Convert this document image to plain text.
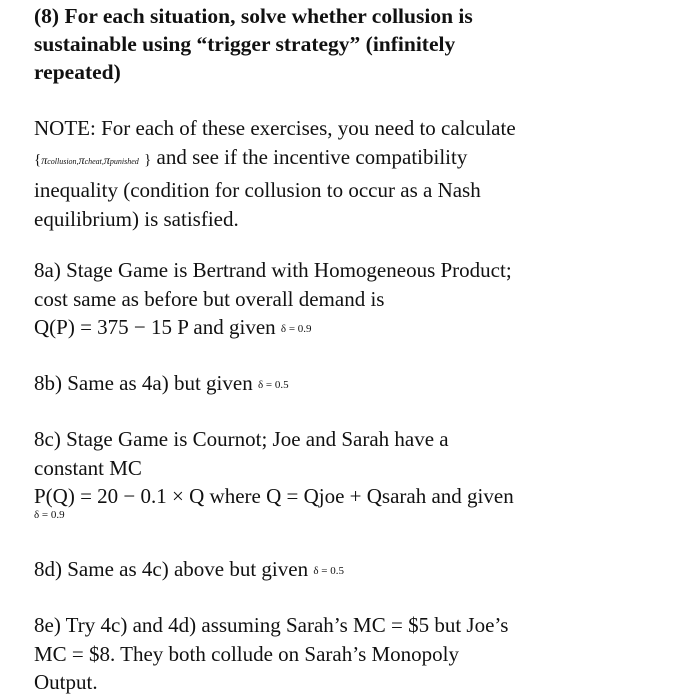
(8) For each situation, solve whether collusion is
sustainable using “trigger strategy” (infinitely
repeated)
NOTE: For each of these exercises, you need to calculate
{πcollusion,πcheat,πpunished } and see if the incentive compatibility
inequality (condition for collusion to occur as a Nash
equilibrium) is satisfied.
8a) Stage Game is Bertrand with Homogeneous Product;
cost same as before but overall demand is
Q(P) = 375 − 15 P and given δ = 0.9
8b) Same as 4a) but given δ = 0.5
8c) Stage Game is Cournot; Joe and Sarah have a
constant MC
P(Q) = 20 − 0.1 × Q where Q = Qjoe + Qsarah and given
δ = 0.9
8d) Same as 4c) above but given δ = 0.5
8e) Try 4c) and 4d) assuming Sarah’s MC = $5 but Joe’s
MC = $8. They both collude on Sarah’s Monopoly
Output.
